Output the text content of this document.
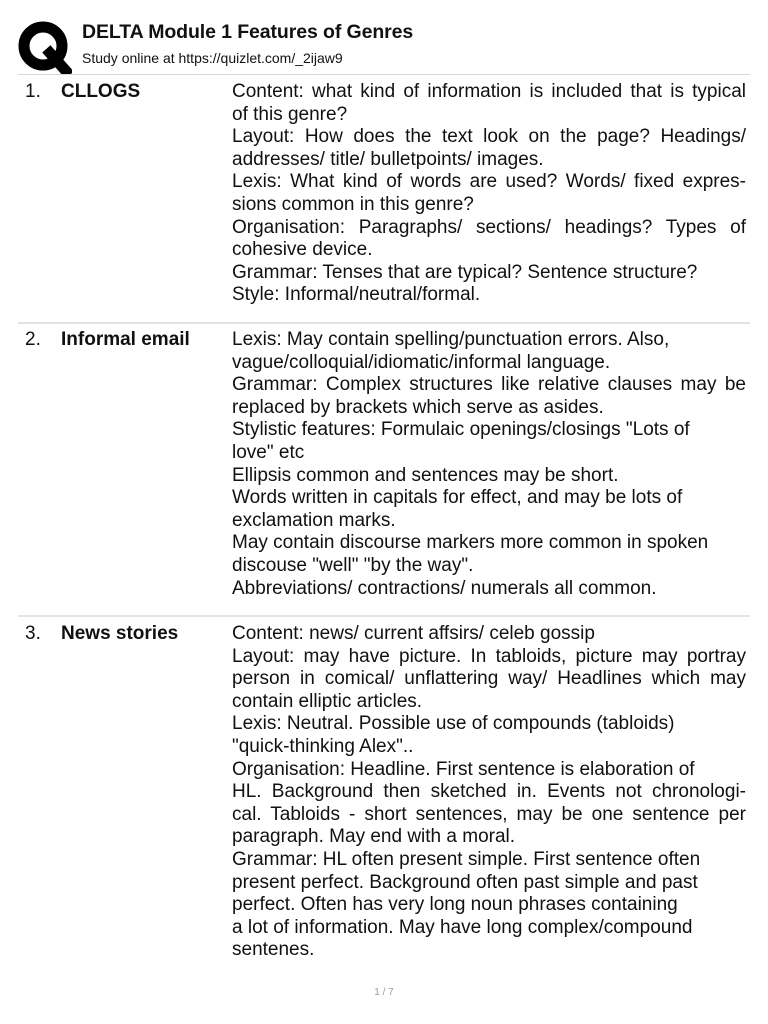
DELTA Module 1 Features of Genres
Study online at https://quizlet.com/_2ijaw9
1. CLLOGS	Content: what kind of information is included that is typical
of this genre?
Layout: How does the text look on the page? Headings/
addresses/ title/ bulletpoints/ images.
Lexis: What kind of words are used? Words/ fixed expres-
sions common in this genre?
Organisation: Paragraphs/ sections/ headings? Types of
cohesive device.
Grammar: Tenses that are typical? Sentence structure?
Style: Informal/neutral/formal.
2. Informal email Lexis: May contain spelling/punctuation errors. Also,
vague/colloquial/idiomatic/informal language.
Grammar: Complex structures like relative clauses may be
replaced by brackets which serve as asides.
Stylistic features: Formulaic openings/closings "Lots of
love" etc
Ellipsis common and sentences may be short.
Words written in capitals for effect, and may be lots of
exclamation marks.
May contain discourse markers more common in spoken
discouse "well" "by the way".
Abbreviations/ contractions/ numerals all common.
3. News stories	Content: news/ current affsirs/ celeb gossip
Layout: may have picture. In tabloids, picture may portray
person in comical/ unflattering way/ Headlines which may
contain elliptic articles.
Lexis: Neutral. Possible use of compounds (tabloids)
"quick-thinking Alex"..
Organisation: Headline. First sentence is elaboration of
HL. Background then sketched in. Events not chronologi-
cal. Tabloids - short sentences, may be one sentence per
paragraph. May end with a moral.
Grammar: HL often present simple. First sentence often
present perfect. Background often past simple and past
perfect. Often has very long noun phrases containing
a lot of information. May have long complex/compound
sentenes.
1 / 7
